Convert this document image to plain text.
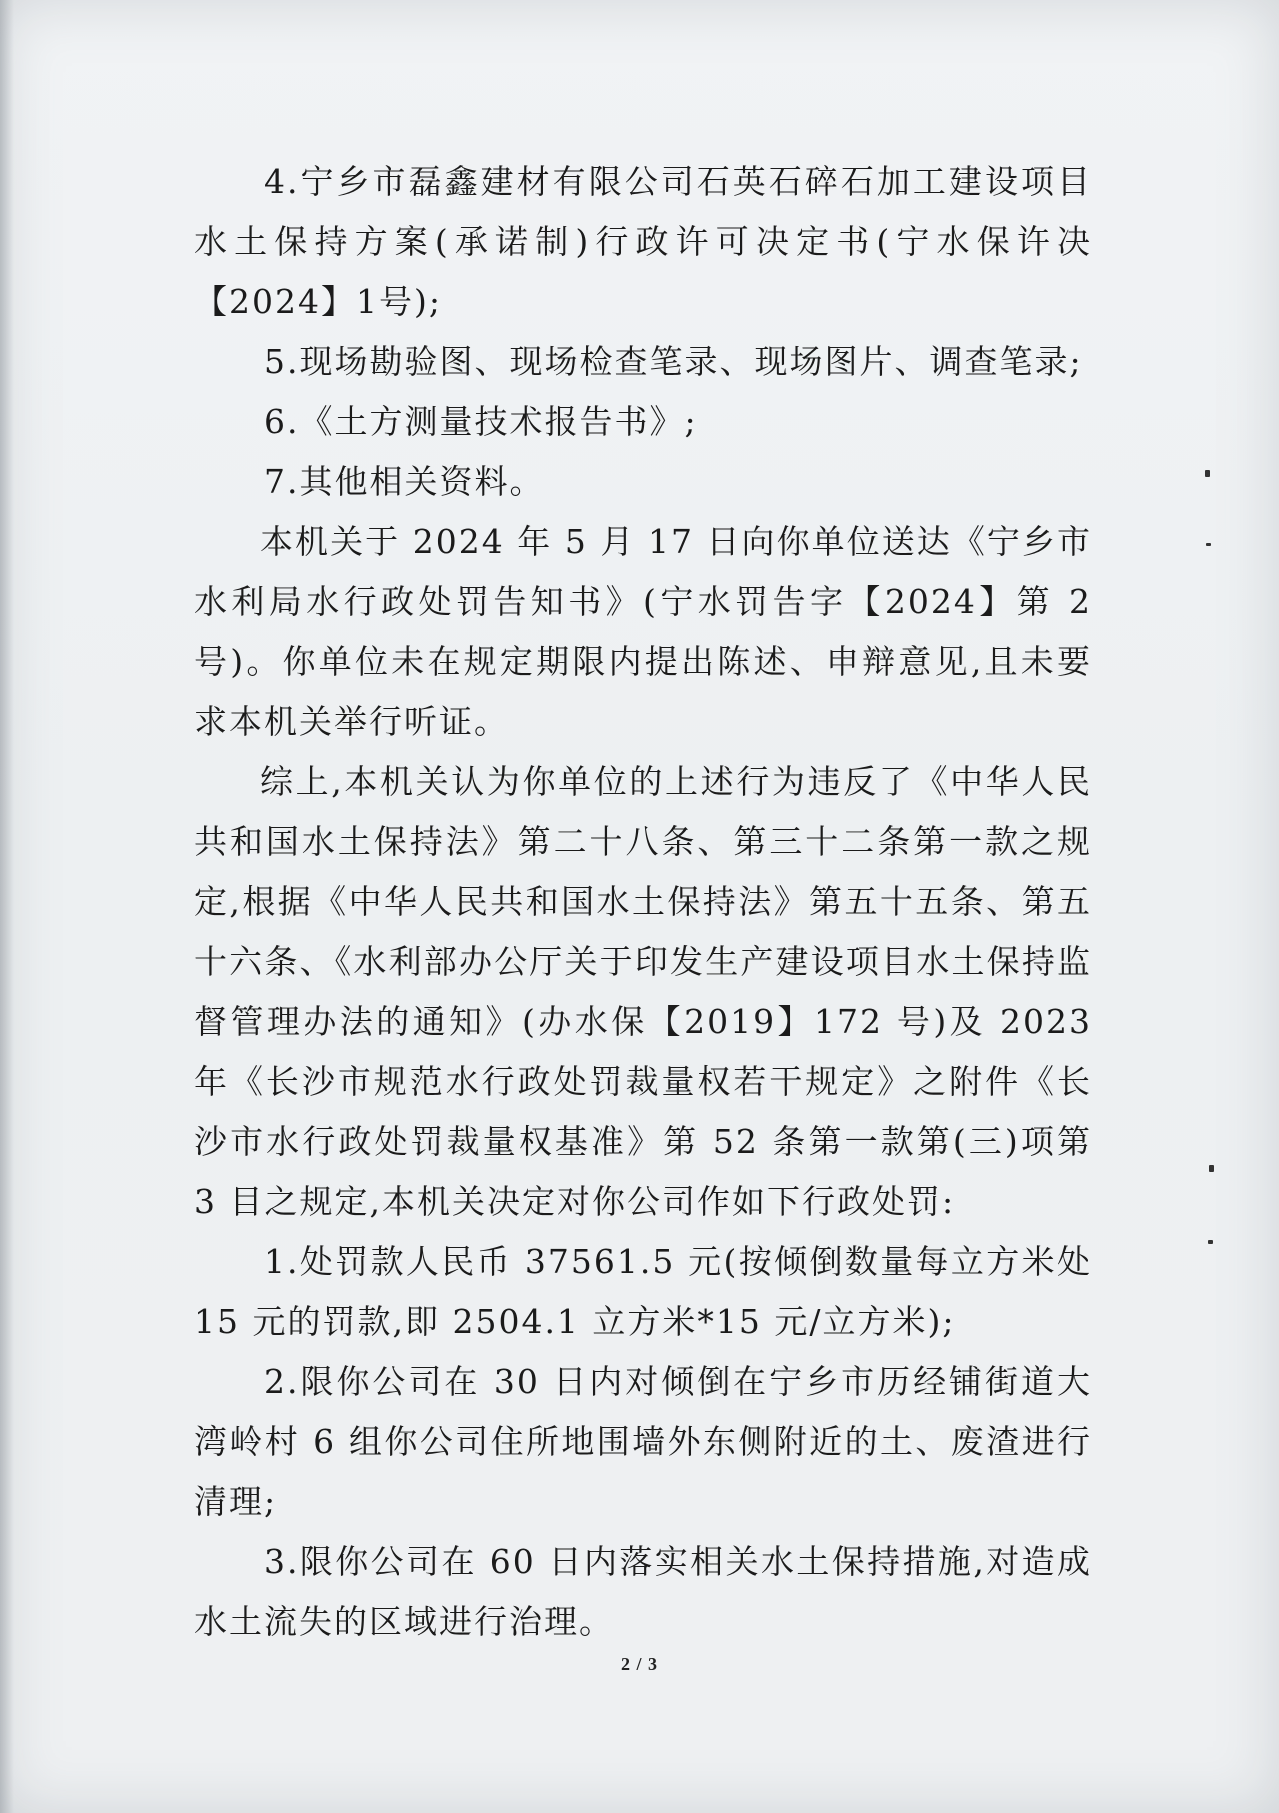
4.宁乡市磊鑫建材有限公司石英石碎石加工建设项目水土保持方案(承诺制)行政许可决定书(宁水保许决【2024】1号);

5.现场勘验图、现场检查笔录、现场图片、调查笔录;

6.《土方测量技术报告书》;

7.其他相关资料。

本机关于 2024 年 5 月 17 日向你单位送达《宁乡市水利局水行政处罚告知书》(宁水罚告字【2024】第 2 号)。你单位未在规定期限内提出陈述、申辩意见,且未要求本机关举行听证。

综上,本机关认为你单位的上述行为违反了《中华人民共和国水土保持法》第二十八条、第三十二条第一款之规定,根据《中华人民共和国水土保持法》第五十五条、第五十六条、《水利部办公厅关于印发生产建设项目水土保持监督管理办法的通知》(办水保【2019】172 号)及 2023 年《长沙市规范水行政处罚裁量权若干规定》之附件《长沙市水行政处罚裁量权基准》第 52 条第一款第(三)项第 3 目之规定,本机关决定对你公司作如下行政处罚:

1.处罚款人民币 37561.5 元(按倾倒数量每立方米处 15 元的罚款,即 2504.1 立方米*15 元/立方米);

2.限你公司在 30 日内对倾倒在宁乡市历经铺街道大湾岭村 6 组你公司住所地围墙外东侧附近的土、废渣进行清理;

3.限你公司在 60 日内落实相关水土保持措施,对造成水土流失的区域进行治理。

2 / 3
